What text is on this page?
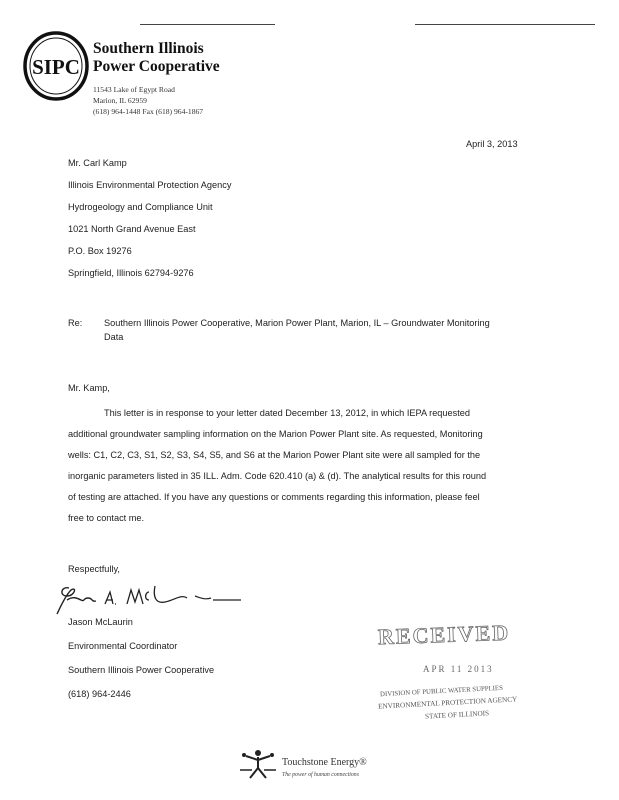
SIPC
Southern Illinois
Power Cooperative
11543 Lake of Egypt Road
Marion, IL 62959
(618) 964-1448 Fax (618) 964-1867
April 3, 2013
Mr. Carl Kamp
Illinois Environmental Protection Agency
Hydrogeology and Compliance Unit
1021 North Grand Avenue East
P.O. Box 19276
Springfield, Illinois 62794-9276
Re: Southern Illinois Power Cooperative, Marion Power Plant, Marion, IL – Groundwater Monitoring
Data
Mr. Kamp,
This letter is in response to your letter dated December 13, 2012, in which IEPA requested
additional groundwater sampling information on the Marion Power Plant site. As requested, Monitoring
wells: C1, C2, C3, S1, S2, S3, S4, S5, and S6 at the Marion Power Plant site were all sampled for the
inorganic parameters listed in 35 ILL. Adm. Code 620.410 (a) & (d). The analytical results for this round
of testing are attached. If you have any questions or comments regarding this information, please feel
free to contact me.
Respectfully,
Jason McLaurin
Environmental Coordinator
Southern Illinois Power Cooperative
(618) 964-2446
RECEIVED
APR 11 2013
DIVISION OF PUBLIC WATER SUPPLIES
ENVIRONMENTAL PROTECTION AGENCY
STATE OF ILLINOIS
Touchstone Energy®
The power of human connections
